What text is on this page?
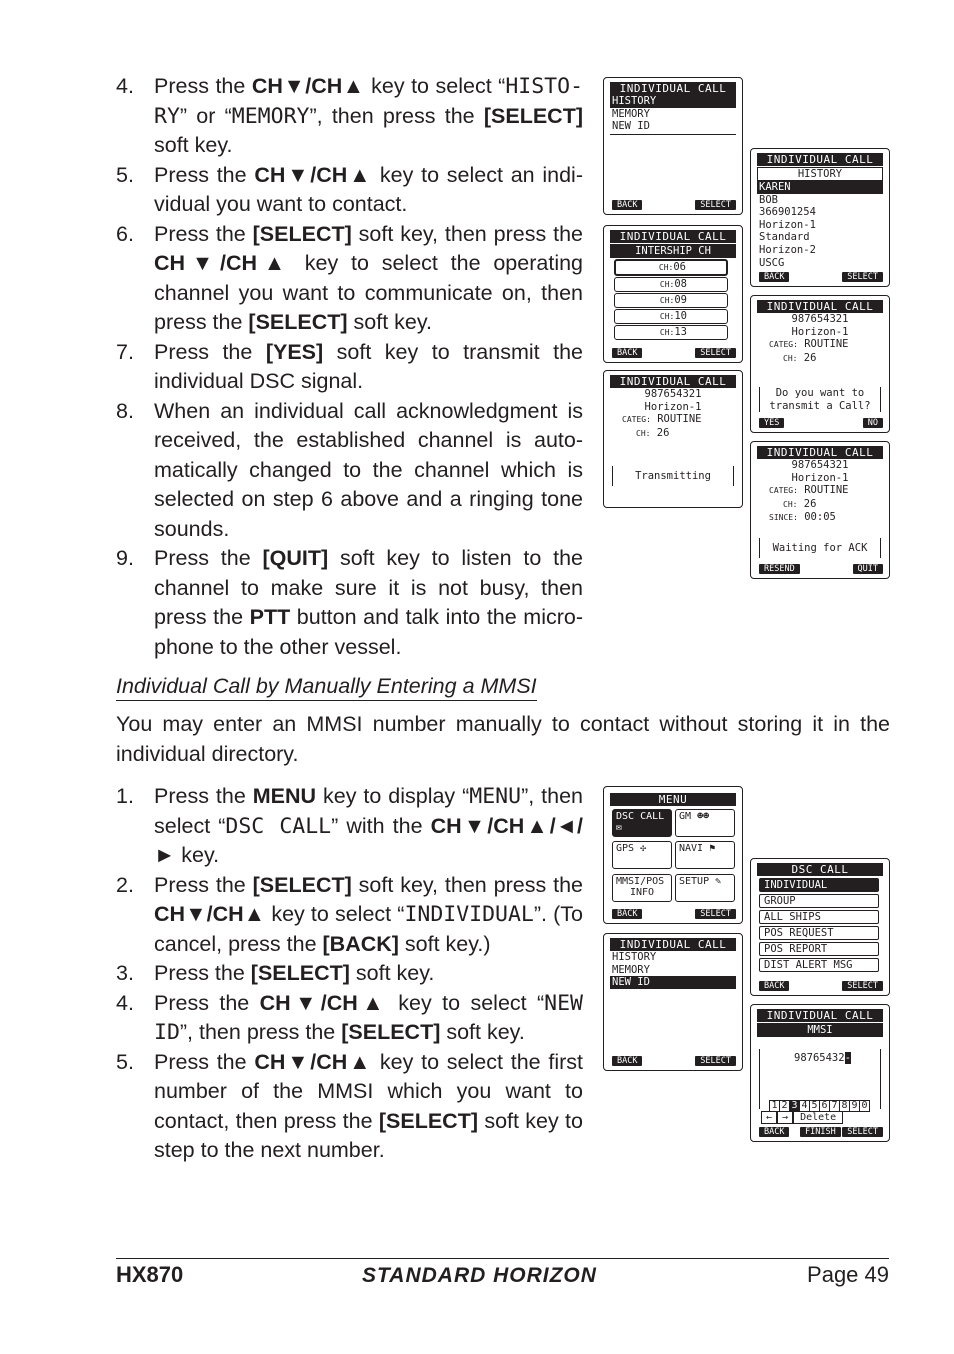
4. Press the CH▼/CH▲ key to select “HISTO-RY” or “MEMORY”, then press the [SELECT] soft key.
5. Press the CH▼/CH▲ key to select an indi-vidual you want to contact.
6. Press the [SELECT] soft key, then press the CH▼/CH▲ key to select the operating channel you want to communicate on, then press the [SELECT] soft key.
7. Press the [YES] soft key to transmit the individual DSC signal.
8. When an individual call acknowledgment is received, the established channel is auto-matically changed to the channel which is selected on step 6 above and a ringing tone sounds.
9. Press the [QUIT] soft key to listen to the channel to make sure it is not busy, then press the PTT button and talk into the micro-phone to the other vessel.
Individual Call by Manually Entering a MMSI
You may enter an MMSI number manually to contact without storing it in the individual directory.
1. Press the MENU key to display “MENU”, then select “DSC CALL” with the CH▼/CH▲/◄/► key.
2. Press the [SELECT] soft key, then press the CH▼/CH▲ key to select “INDIVIDUAL”. (To cancel, press the [BACK] soft key.)
3. Press the [SELECT] soft key.
4. Press the CH▼/CH▲ key to select “NEW ID”, then press the [SELECT] soft key.
5. Press the CH▼/CH▲ key to select the first number of the MMSI which you want to contact, then press the [SELECT] soft key to step to the next number.
INDIVIDUAL CALL
HISTORY
MEMORY
NEW ID
BACK	SELECT
INDIVIDUAL CALL
HISTORY
KAREN
BOB
366901254
Horizon-1
Standard
Horizon-2
USCG
BACK	SELECT
INDIVIDUAL CALL
INTERSHIP CH
CH:06
CH:08
CH:09
CH:10
CH:13
BACK	SELECT
INDIVIDUAL CALL
987654321
Horizon-1
CATEG: ROUTINE
CH: 26
Do you want to
transmit a Call?
YES	NO
INDIVIDUAL CALL
987654321
Horizon-1
CATEG: ROUTINE
CH: 26
Transmitting
INDIVIDUAL CALL
987654321
Horizon-1
CATEG: ROUTINE
CH: 26
SINCE: 00:05
Waiting for ACK
RESEND	QUIT
MENU
DSC CALL ✉
GM ☻☻
GPS ✣	NAVI ⚑
MMSI/POS
INFO
SETUP ✎
BACK	SELECT
DSC CALL
INDIVIDUAL
GROUP
ALL SHIPS
POS REQUEST
POS REPORT
DIST ALERT MSG
BACK	SELECT
INDIVIDUAL CALL
HISTORY
MEMORY
NEW ID
BACK	SELECT
INDIVIDUAL CALL
MMSI
98765432-
1 2 3 4 5 6 7 8 9 0
← → Delete
BACK	FINISH	SELECT
HX870	STANDARD HORIZON	Page 49
